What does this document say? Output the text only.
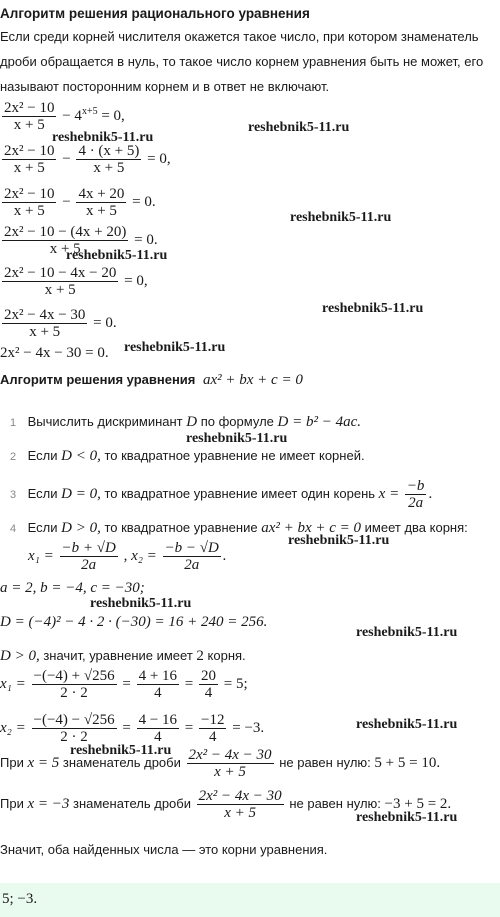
Алгоритм решения рационального уравнения
Если среди корней числителя окажется такое число, при котором знаменатель дроби обращается в нуль, то такое число корнем уравнения быть не может, его называют посторонним корнем и в ответ не включают.
$\frac{\text{2x² − 10}}{x + 5} - 4^{x+5} = 0$,
$\frac{\text{2x² − 10}}{x + 5} - \frac{4 \cdot (x + 5)}{x + 5} = 0$,
$\frac{\text{2x² − 10}}{x + 5} - \frac{4x + 20}{x + 5} = 0$.
$\frac{\text{2x² − 10 − (4x + 20)}}{x + 5} = 0$.
$\frac{\text{2x² − 10 − 4x − 20}}{x + 5} = 0$,
$\frac{\text{2x² − 4x − 30}}{x + 5} = 0$.
2x² − 4x − 30 = 0.
Алгоритм решения уравнения ax² + bx + c = 0
1 Вычислить дискриминант D по формуле D = b² − 4ac.
2 Если D < 0, то квадратное уравнение не имеет корней.
3 Если D = 0, то квадратное уравнение имеет один корень $x = \frac{-b}{2a}$ .
4 Если D > 0, то квадратное уравнение ax² + bx + c = 0 имеет два корня:
$x_1 = \frac{-b + √D}{2a}$ , $x_2 = \frac{-b - √D}{2a}$ .
a = 2, b = −4, c = −30;
D = (−4)² − 4 · 2 · (−30) = 16 + 240 = 256.
D > 0, значит, уравнение имеет 2 корня.
$x_1 = \frac{-(-4) + √256}{2 \cdot 2} = \frac{4 + 16}{4} = \frac{20}{4} = 5$;
$x_2 = \frac{-(-4) - √256}{2 \cdot 2} = \frac{4 - 16}{4} = \frac{-12}{4} = -3$.
При x = 5 знаменатель дроби $\frac{\text{2x² − 4x − 30}}{x + 5}$ не равен нулю: 5 + 5 = 10.
При x = −3 знаменатель дроби $\frac{\text{2x² − 4x − 30}}{x + 5}$ не равен нулю: −3 + 5 = 2.
Значит, оба найденных числа — это корни уравнения.
5; −3.
reshebnik5-11.ru
reshebnik5-11.ru
reshebnik5-11.ru
reshebnik5-11.ru
reshebnik5-11.ru
reshebnik5-11.ru
reshebnik5-11.ru
reshebnik5-11.ru
reshebnik5-11.ru
reshebnik5-11.ru
reshebnik5-11.ru
reshebnik5-11.ru
reshebnik5-11.ru
